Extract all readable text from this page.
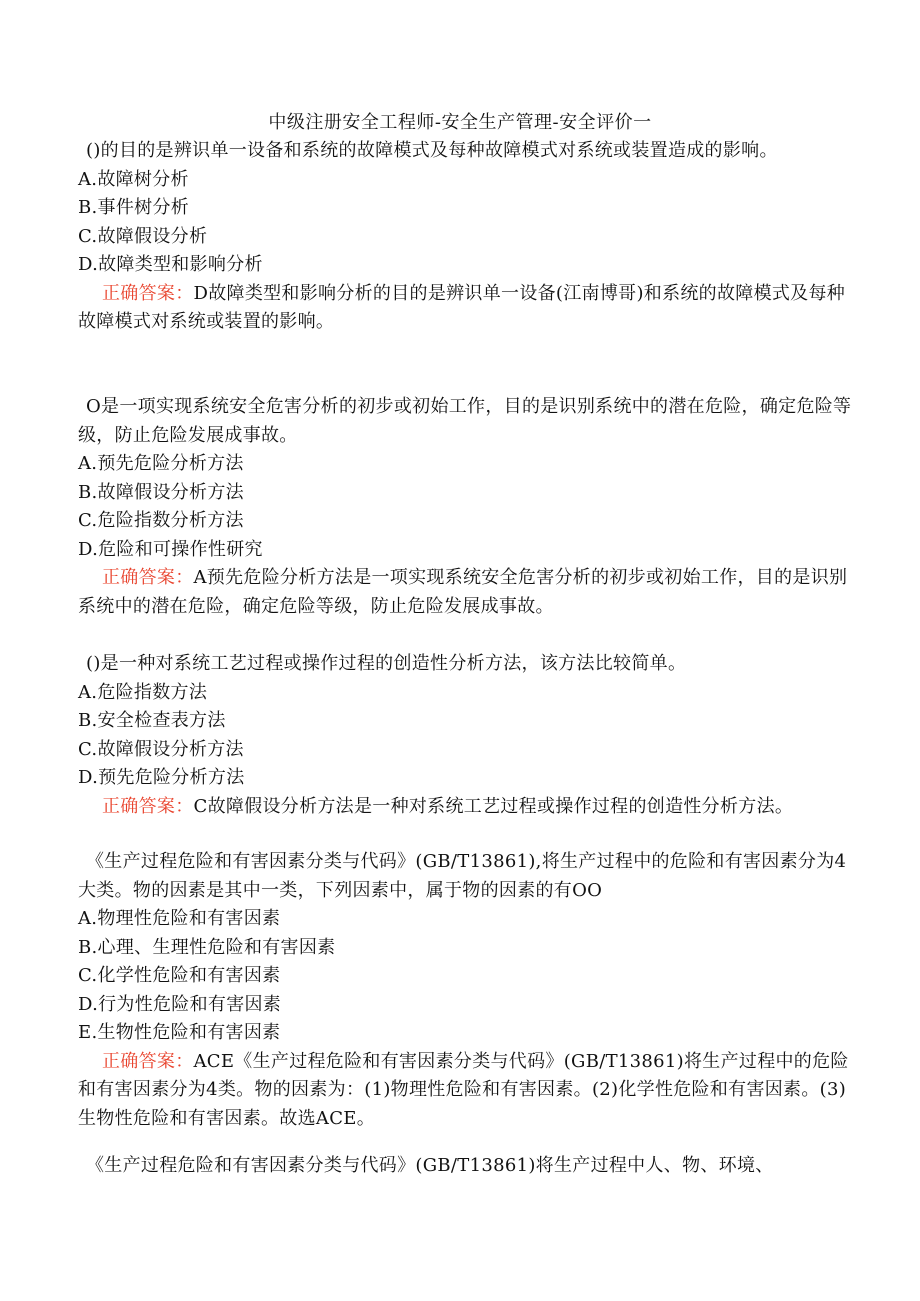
中级注册安全工程师-安全生产管理-安全评价一

()的目的是辨识单一设备和系统的故障模式及每种故障模式对系统或装置造成的影响。

A.故障树分析
B.事件树分析
C.故障假设分析
D.故障类型和影响分析

正确答案：D故障类型和影响分析的目的是辨识单一设备(江南博哥)和系统的故障模式及每种故障模式对系统或装置的影响。

O是一项实现系统安全危害分析的初步或初始工作，目的是识别系统中的潜在危险，确定危险等级，防止危险发展成事故。

A.预先危险分析方法
B.故障假设分析方法
C.危险指数分析方法
D.危险和可操作性研究

正确答案：A预先危险分析方法是一项实现系统安全危害分析的初步或初始工作，目的是识别系统中的潜在危险，确定危险等级，防止危险发展成事故。

()是一种对系统工艺过程或操作过程的创造性分析方法，该方法比较简单。

A.危险指数方法
B.安全检查表方法
C.故障假设分析方法
D.预先危险分析方法

正确答案：C故障假设分析方法是一种对系统工艺过程或操作过程的创造性分析方法。

《生产过程危险和有害因素分类与代码》(GB/T13861),将生产过程中的危险和有害因素分为4大类。物的因素是其中一类，下列因素中，属于物的因素的有OO

A.物理性危险和有害因素
B.心理、生理性危险和有害因素
C.化学性危险和有害因素
D.行为性危险和有害因素
E.生物性危险和有害因素

正确答案：ACE《生产过程危险和有害因素分类与代码》(GB/T13861)将生产过程中的危险和有害因素分为4类。物的因素为：(1)物理性危险和有害因素。(2)化学性危险和有害因素。(3)生物性危险和有害因素。故选ACE。

《生产过程危险和有害因素分类与代码》(GB/T13861)将生产过程中人、物、环境、
